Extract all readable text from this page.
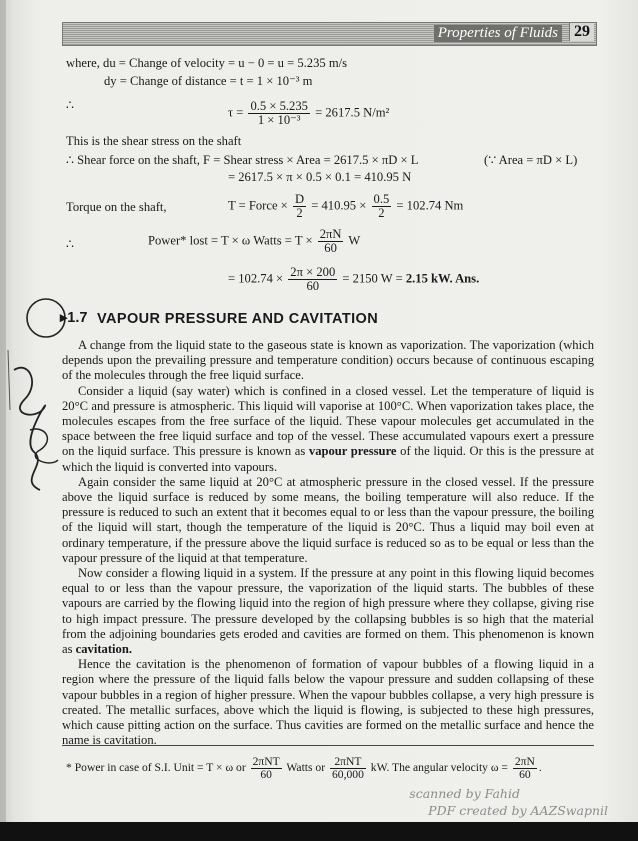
Properties of Fluids	29
where, du = Change of velocity = u − 0 = u = 5.235 m/s
dy = Change of distance = t = 1 × 10⁻³ m
∴
$\tau = \frac{0.5 \times 5.235}{\text{1 × 10⁻³}} = 2617.5$ N/m²
This is the shear stress on the shaft
∴ Shear force on the shaft, F = Shear stress × Area = 2617.5 × πD × L	(∵ Area = πD × L)
= 2617.5 × π × 0.5 × 0.1 = 410.95 N
Torque on the shaft,	T = Force × $\frac{D}{2} = 410.95 \times \frac{0.5}{2} = 102.74$ Nm
∴	Power* lost = T × ω Watts = $T \times \frac{2\pi N}{60}$ W
= $102.74 \times \frac{2\pi \times 200}{60} = 2150$ W = 2.15 kW. Ans.
▸1.7 VAPOUR PRESSURE AND CAVITATION

A change from the liquid state to the gaseous state is known as vaporization. The vaporization (which depends upon the prevailing pressure and temperature condition) occurs because of continuous escaping of the molecules through the free liquid surface.

Consider a liquid (say water) which is confined in a closed vessel. Let the temperature of liquid is 20°C and pressure is atmospheric. This liquid will vaporise at 100°C. When vaporization takes place, the molecules escapes from the free surface of the liquid. These vapour molecules get accumulated in the space between the free liquid surface and top of the vessel. These accumulated vapours exert a pressure on the liquid surface. This pressure is known as vapour pressure of the liquid. Or this is the pressure at which the liquid is converted into vapours.

Again consider the same liquid at 20°C at atmospheric pressure in the closed vessel. If the pressure above the liquid surface is reduced by some means, the boiling temperature will also reduce. If the pressure is reduced to such an extent that it becomes equal to or less than the vapour pressure, the boiling of the liquid will start, though the temperature of the liquid is 20°C. Thus a liquid may boil even at ordinary temperature, if the pressure above the liquid surface is reduced so as to be equal or less than the vapour pressure of the liquid at that temperature.

Now consider a flowing liquid in a system. If the pressure at any point in this flowing liquid becomes equal to or less than the vapour pressure, the vaporization of the liquid starts. The bubbles of these vapours are carried by the flowing liquid into the region of high pressure where they collapse, giving rise to high impact pressure. The pressure developed by the collapsing bubbles is so high that the material from the adjoining boundaries gets eroded and cavities are formed on them. This phenomenon is known as cavitation.

Hence the cavitation is the phenomenon of formation of vapour bubbles of a flowing liquid in a region where the pressure of the liquid falls below the vapour pressure and sudden collapsing of these vapour bubbles in a region of higher pressure. When the vapour bubbles collapse, a very high pressure is created. The metallic surfaces, above which the liquid is flowing, is subjected to these high pressures, which cause pitting action on the surface. Thus cavities are formed on the metallic surface and hence the name is cavitation.

* Power in case of S.I. Unit = T × ω or $\frac{\text{2πNT}}{60}$ Watts or $\frac{\text{2πNT}}{60,000}$ kW. The angular velocity $\omega = \frac{2\pi N}{60}$ .
scanned by Fahid
PDF created by AAZSwapnil
